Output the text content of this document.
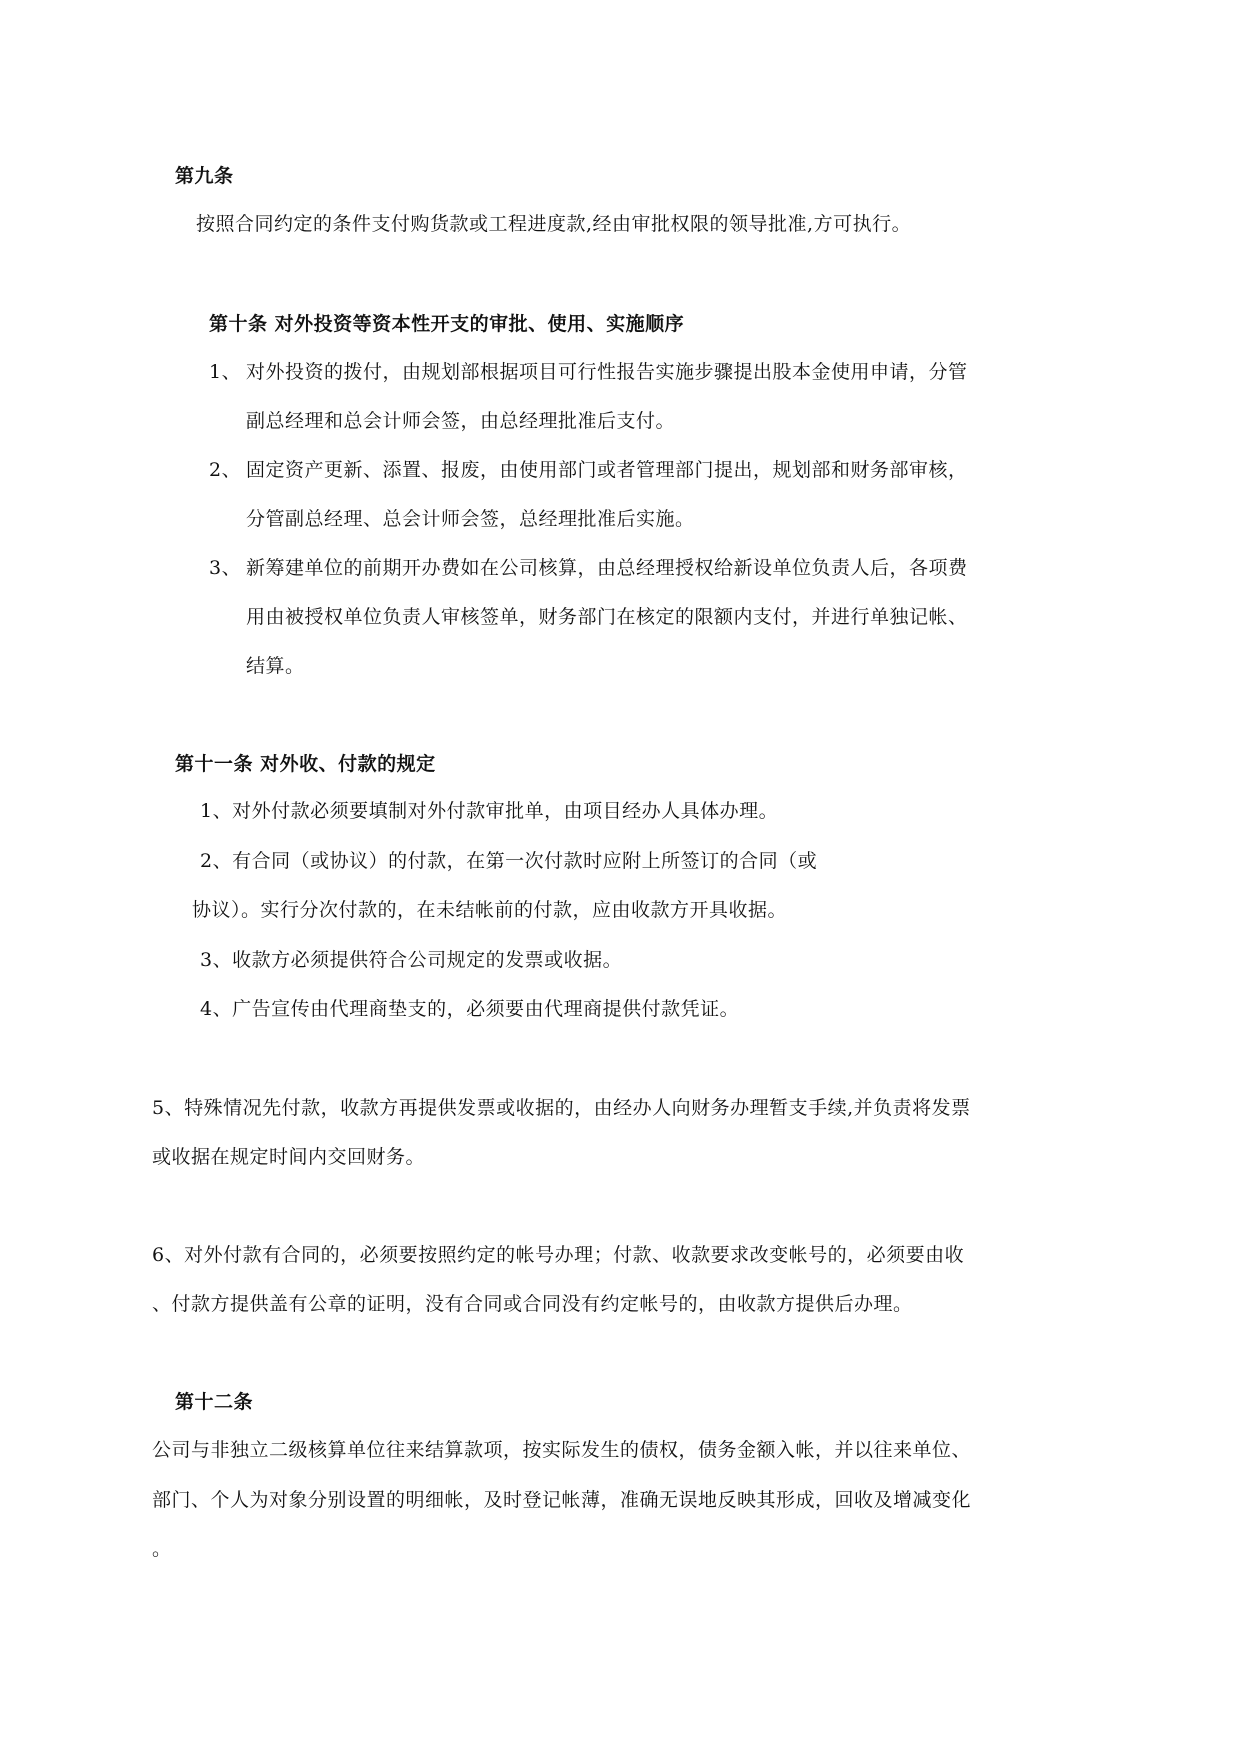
第九条
按照合同约定的条件支付购货款或工程进度款,经由审批权限的领导批准,方可执行。
第十条 对外投资等资本性开支的审批、使用、实施顺序
1、 对外投资的拨付，由规划部根据项目可行性报告实施步骤提出股本金使用申请，分管
副总经理和总会计师会签，由总经理批准后支付。
2、 固定资产更新、添置、报废，由使用部门或者管理部门提出，规划部和财务部审核，
分管副总经理、总会计师会签，总经理批准后实施。
3、 新筹建单位的前期开办费如在公司核算，由总经理授权给新设单位负责人后，各项费
用由被授权单位负责人审核签单，财务部门在核定的限额内支付，并进行单独记帐、
结算。
第十一条 对外收、付款的规定
1、对外付款必须要填制对外付款审批单，由项目经办人具体办理。
2、有合同（或协议）的付款，在第一次付款时应附上所签订的合同（或
协议）。实行分次付款的，在未结帐前的付款，应由收款方开具收据。
3、收款方必须提供符合公司规定的发票或收据。
4、广告宣传由代理商垫支的，必须要由代理商提供付款凭证。
5、特殊情况先付款，收款方再提供发票或收据的，由经办人向财务办理暂支手续,并负责将发票
或收据在规定时间内交回财务。
6、对外付款有合同的，必须要按照约定的帐号办理；付款、收款要求改变帐号的，必须要由收
、付款方提供盖有公章的证明，没有合同或合同没有约定帐号的，由收款方提供后办理。
第十二条
公司与非独立二级核算单位往来结算款项，按实际发生的债权，债务金额入帐，并以往来单位、
部门、个人为对象分别设置的明细帐，及时登记帐薄，准确无误地反映其形成，回收及增减变化
。
